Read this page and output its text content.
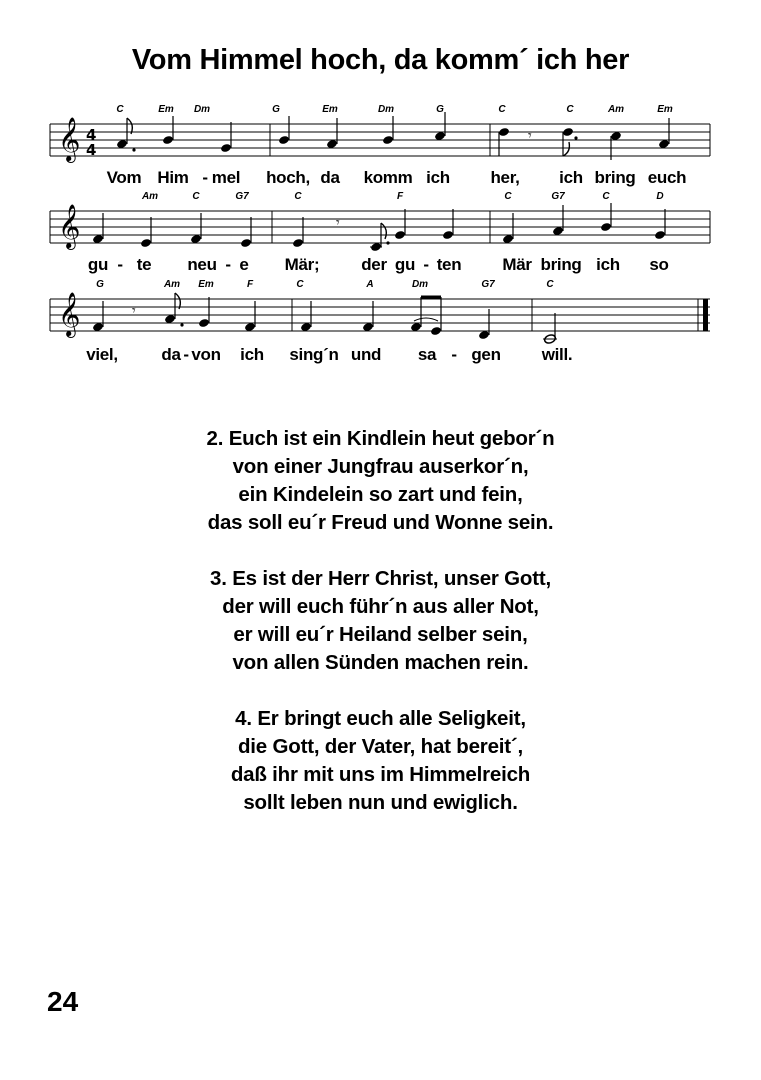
Vom Himmel hoch, da komm´ ich her
𝄞 4
4
𝄾
C	Em Dm	G	Em	Dm	G	C	C	Am	Em
Vom Him - mel hoch, da komm ich her, ich bring euch
𝄞	𝄾
Am	C	G7	C	F	C	G7	C	D
gu - te neu - e Mär; der gu - ten Mär bring ich so
𝄞	𝄾
G	Am Em	F	C	A	Dm	G7	C
viel,	da - von ich sing´n und sa - gen will.
2. Euch ist ein Kindlein heut gebor´n
von einer Jungfrau auserkor´n,
ein Kindelein so zart und fein,
das soll eu´r Freud und Wonne sein.
3. Es ist der Herr Christ, unser Gott,
der will euch führ´n aus aller Not,
er will eu´r Heiland selber sein,
von allen Sünden machen rein.
4. Er bringt euch alle Seligkeit,
die Gott, der Vater, hat bereit´,
daß ihr mit uns im Himmelreich
sollt leben nun und ewiglich.
24
